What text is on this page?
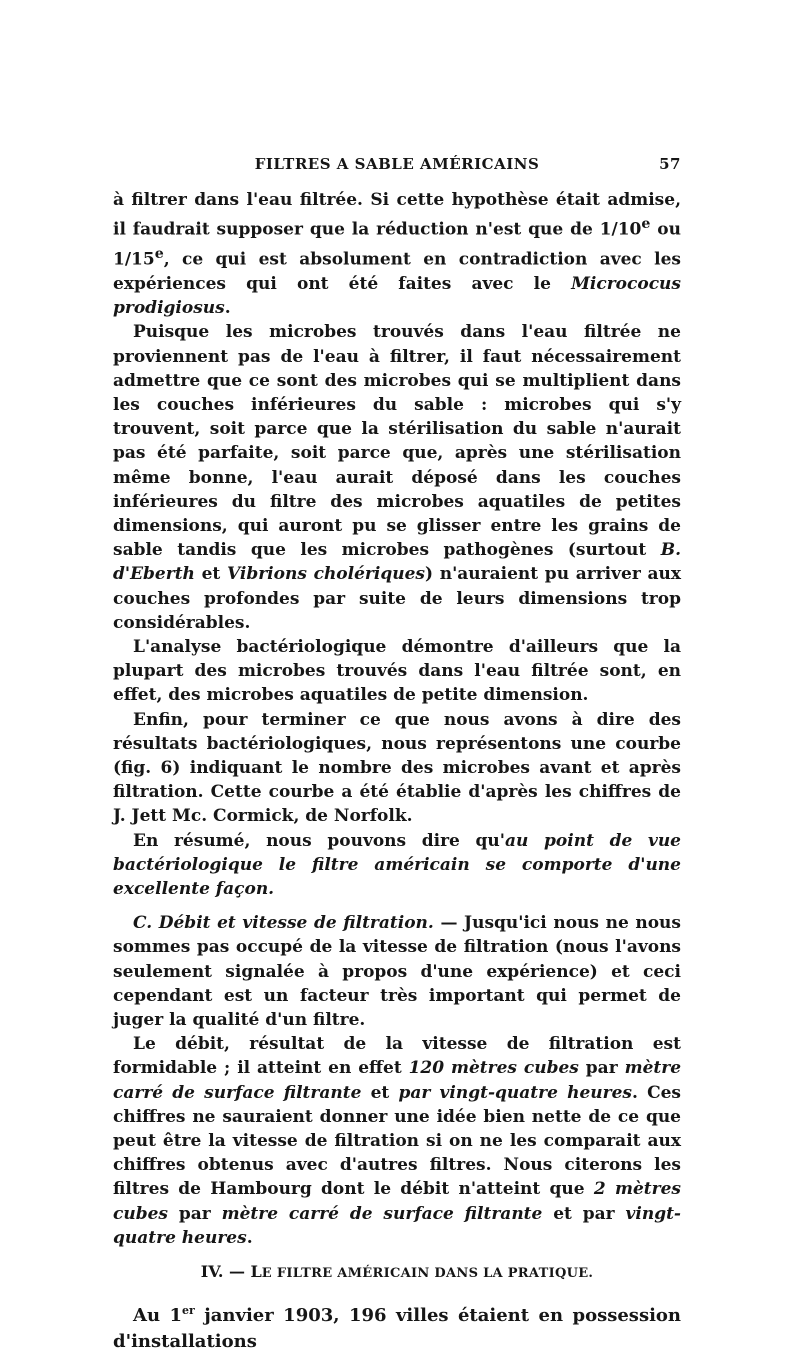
FILTRES A SABLE AMÉRICAINS	57

à filtrer dans l'eau filtrée. Si cette hypothèse était admise, il faudrait supposer que la réduction n'est que de 1/10e ou 1/15e, ce qui est absolument en contradiction avec les expériences qui ont été faites avec le Micrococus prodigiosus.

Puisque les microbes trouvés dans l'eau filtrée ne proviennent pas de l'eau à filtrer, il faut nécessairement admettre que ce sont des microbes qui se multiplient dans les couches inférieures du sable : microbes qui s'y trouvent, soit parce que la stérilisation du sable n'aurait pas été parfaite, soit parce que, après une stérilisation même bonne, l'eau aurait déposé dans les couches inférieures du filtre des microbes aquatiles de petites dimensions, qui auront pu se glisser entre les grains de sable tandis que les microbes pathogènes (surtout B. d'Eberth et Vibrions cholériques) n'auraient pu arriver aux couches profondes par suite de leurs dimensions trop considérables.

L'analyse bactériologique démontre d'ailleurs que la plupart des microbes trouvés dans l'eau filtrée sont, en effet, des microbes aquatiles de petite dimension.

Enfin, pour terminer ce que nous avons à dire des résultats bactériologiques, nous représentons une courbe (fig. 6) indiquant le nombre des microbes avant et après filtration. Cette courbe a été établie d'après les chiffres de J. Jett Mc. Cormick, de Norfolk.

En résumé, nous pouvons dire qu'au point de vue bactériologique le filtre américain se comporte d'une excellente façon.

C. Débit et vitesse de filtration. — Jusqu'ici nous ne nous sommes pas occupé de la vitesse de filtration (nous l'avons seulement signalée à propos d'une expérience) et ceci cependant est un facteur très important qui permet de juger la qualité d'un filtre.

Le débit, résultat de la vitesse de filtration est formidable ; il atteint en effet 120 mètres cubes par mètre carré de surface filtrante et par vingt-quatre heures. Ces chiffres ne sauraient donner une idée bien nette de ce que peut être la vitesse de filtration si on ne les comparait aux chiffres obtenus avec d'autres filtres. Nous citerons les filtres de Hambourg dont le débit n'atteint que 2 mètres cubes par mètre carré de surface filtrante et par vingt-quatre heures.

IV. — LE FILTRE AMÉRICAIN DANS LA PRATIQUE.
Au 1er janvier 1903, 196 villes étaient en possession d'installations
